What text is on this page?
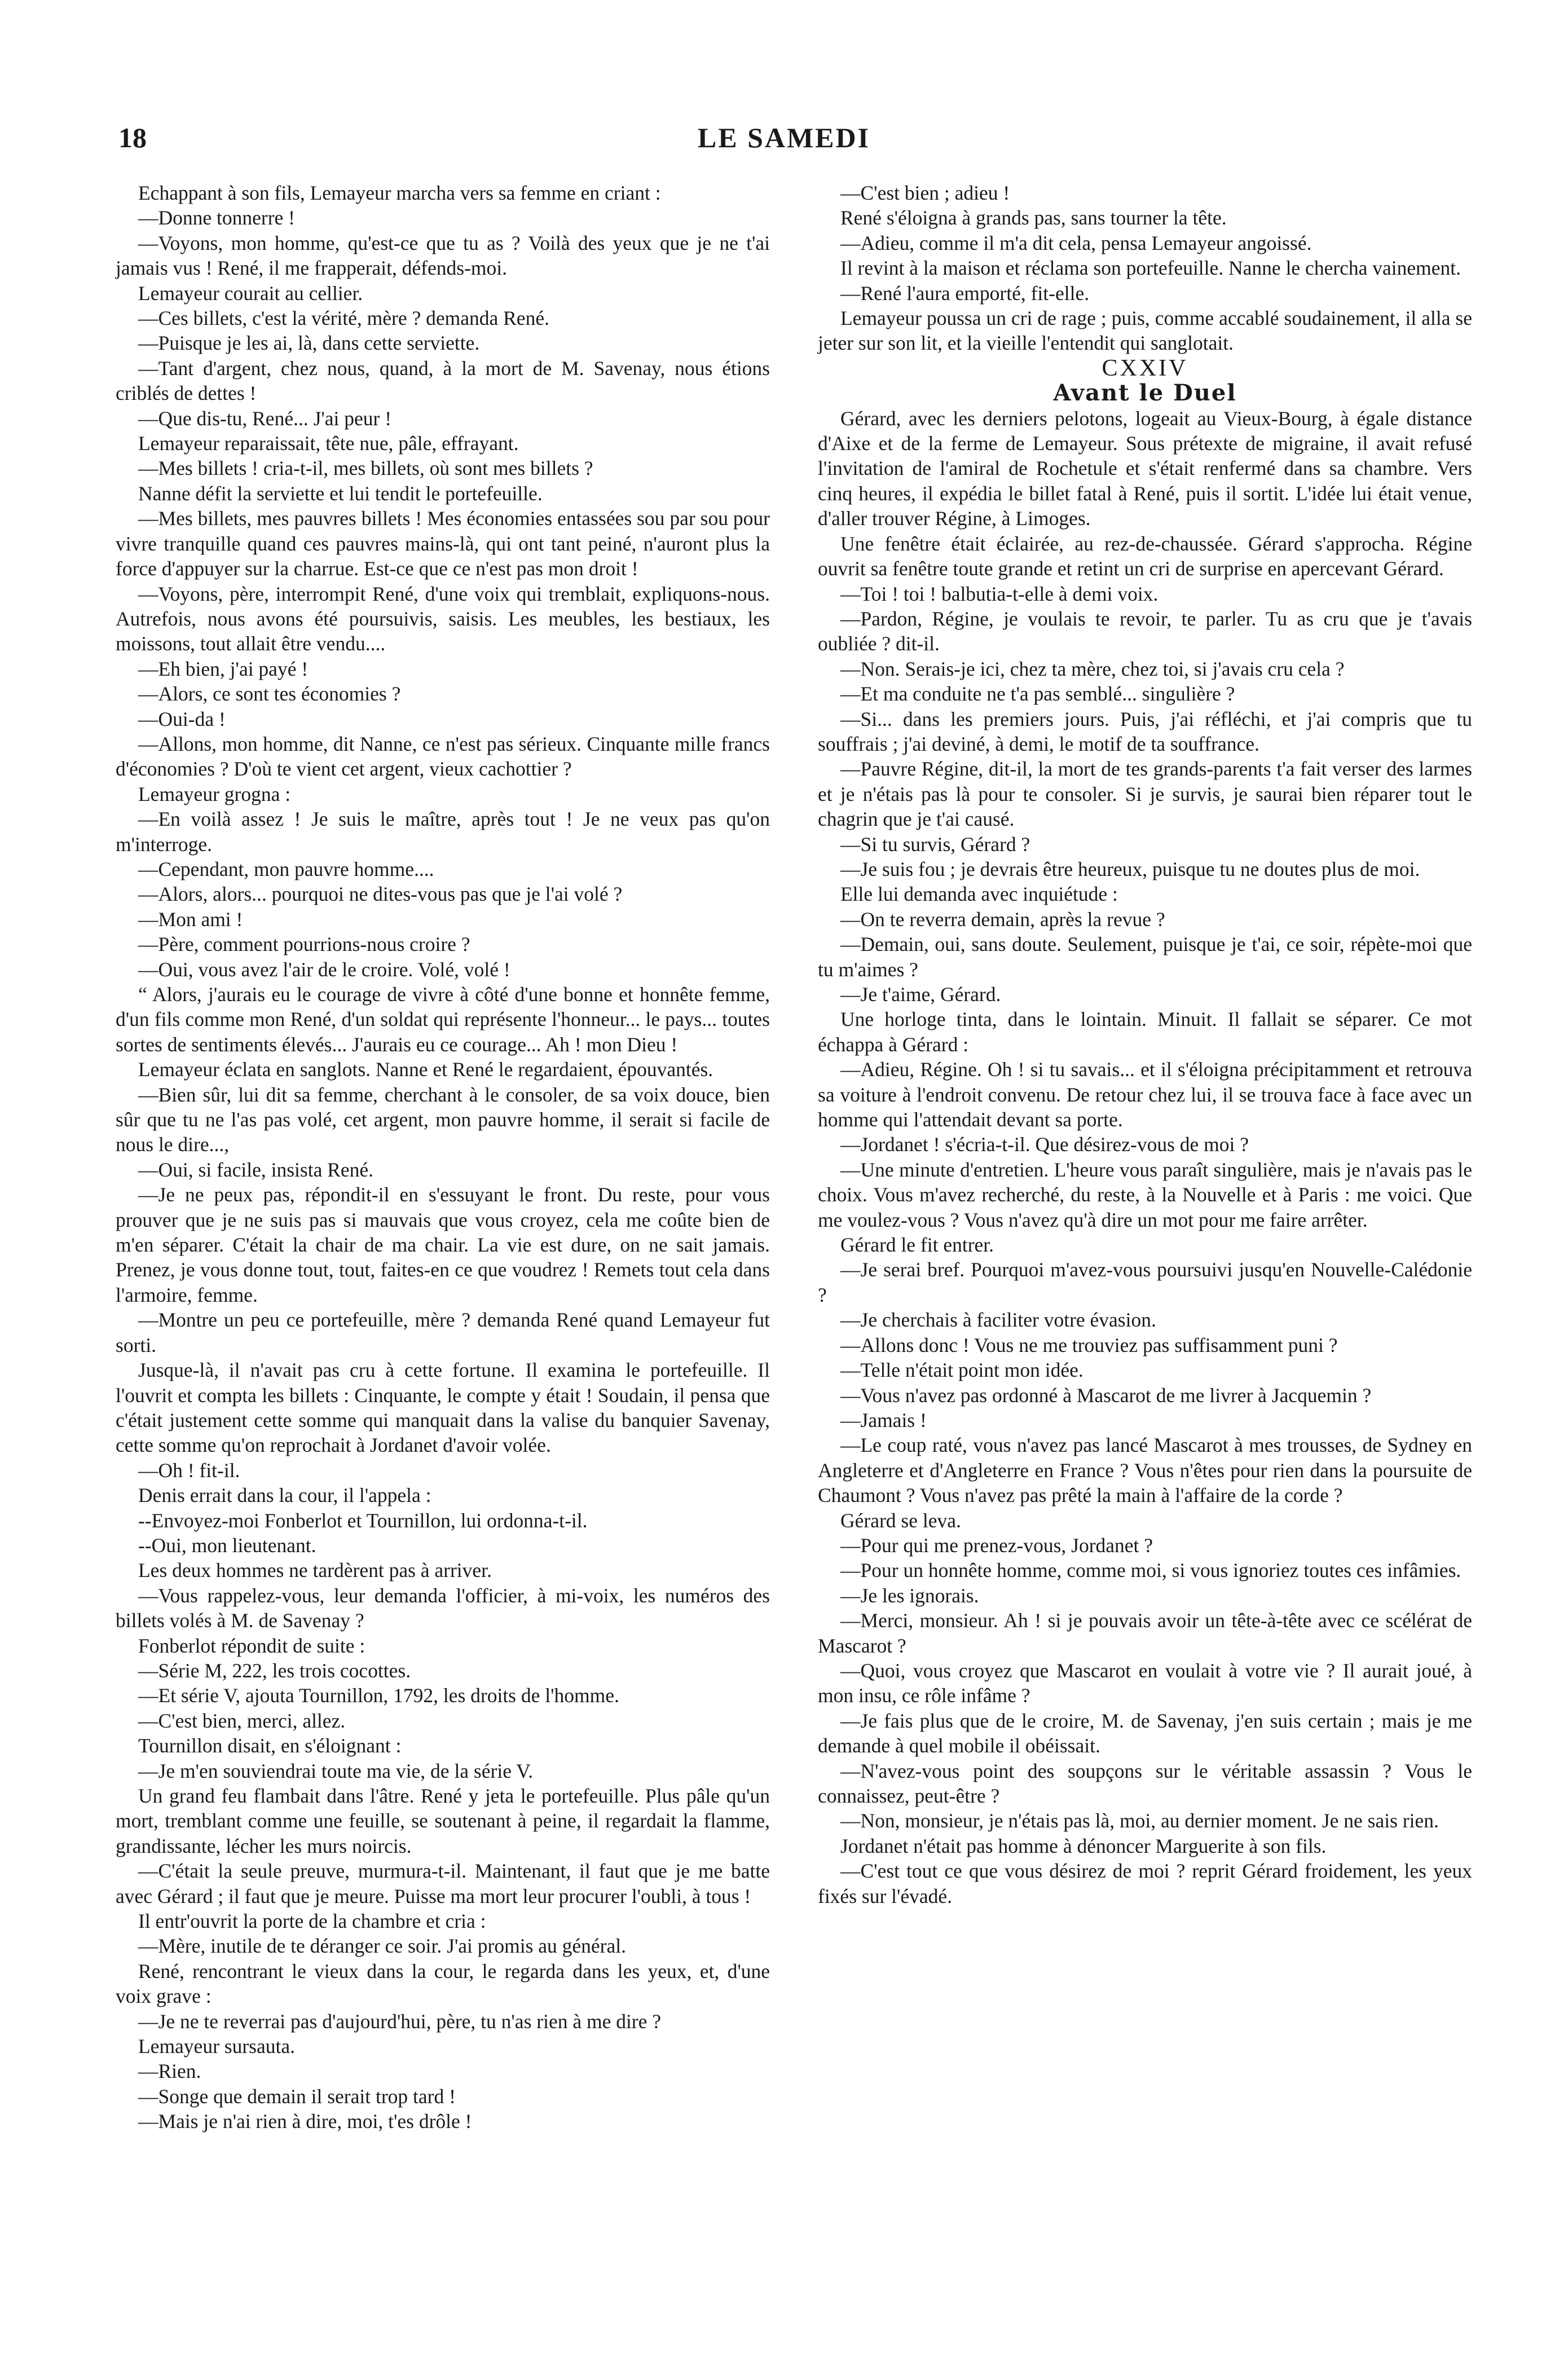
18	LE SAMEDI

Echappant à son fils, Lemayeur marcha vers sa femme en criant :

—Donne tonnerre !

—Voyons, mon homme, qu'est-ce que tu as ? Voilà des yeux que je ne t'ai jamais vus ! René, il me frapperait, défends-moi.

Lemayeur courait au cellier.

—Ces billets, c'est la vérité, mère ? demanda René.

—Puisque je les ai, là, dans cette serviette.

—Tant d'argent, chez nous, quand, à la mort de M. Savenay, nous étions criblés de dettes !

—Que dis-tu, René... J'ai peur !

Lemayeur reparaissait, tête nue, pâle, effrayant.

—Mes billets ! cria-t-il, mes billets, où sont mes billets ?

Nanne défit la serviette et lui tendit le portefeuille.

—Mes billets, mes pauvres billets ! Mes économies entassées sou par sou pour vivre tranquille quand ces pauvres mains-là, qui ont tant peiné, n'auront plus la force d'appuyer sur la charrue. Est-ce que ce n'est pas mon droit !

—Voyons, père, interrompit René, d'une voix qui tremblait, expliquons-nous. Autrefois, nous avons été poursuivis, saisis. Les meubles, les bestiaux, les moissons, tout allait être vendu....

—Eh bien, j'ai payé !

—Alors, ce sont tes économies ?

—Oui-da !

—Allons, mon homme, dit Nanne, ce n'est pas sérieux. Cinquante mille francs d'économies ? D'où te vient cet argent, vieux cachottier ?

Lemayeur grogna :

—En voilà assez ! Je suis le maître, après tout ! Je ne veux pas qu'on m'interroge.

—Cependant, mon pauvre homme....

—Alors, alors... pourquoi ne dites-vous pas que je l'ai volé ?

—Mon ami !

—Père, comment pourrions-nous croire ?

—Oui, vous avez l'air de le croire. Volé, volé !

“ Alors, j'aurais eu le courage de vivre à côté d'une bonne et honnête femme, d'un fils comme mon René, d'un soldat qui représente l'honneur... le pays... toutes sortes de sentiments élevés... J'aurais eu ce courage... Ah ! mon Dieu !

Lemayeur éclata en sanglots. Nanne et René le regardaient, épouvantés.

—Bien sûr, lui dit sa femme, cherchant à le consoler, de sa voix douce, bien sûr que tu ne l'as pas volé, cet argent, mon pauvre homme, il serait si facile de nous le dire...,

—Oui, si facile, insista René.

—Je ne peux pas, répondit-il en s'essuyant le front. Du reste, pour vous prouver que je ne suis pas si mauvais que vous croyez, cela me coûte bien de m'en séparer. C'était la chair de ma chair. La vie est dure, on ne sait jamais. Prenez, je vous donne tout, tout, faites-en ce que voudrez ! Remets tout cela dans l'armoire, femme.

—Montre un peu ce portefeuille, mère ? demanda René quand Lemayeur fut sorti.

Jusque-là, il n'avait pas cru à cette fortune. Il examina le portefeuille. Il l'ouvrit et compta les billets : Cinquante, le compte y était ! Soudain, il pensa que c'était justement cette somme qui manquait dans la valise du banquier Savenay, cette somme qu'on reprochait à Jordanet d'avoir volée.

—Oh ! fit-il.

Denis errait dans la cour, il l'appela :

--Envoyez-moi Fonberlot et Tournillon, lui ordonna-t-il.

--Oui, mon lieutenant.

Les deux hommes ne tardèrent pas à arriver.

—Vous rappelez-vous, leur demanda l'officier, à mi-voix, les numéros des billets volés à M. de Savenay ?

Fonberlot répondit de suite :

—Série M, 222, les trois cocottes.

—Et série V, ajouta Tournillon, 1792, les droits de l'homme.

—C'est bien, merci, allez.

Tournillon disait, en s'éloignant :

—Je m'en souviendrai toute ma vie, de la série V.

Un grand feu flambait dans l'âtre. René y jeta le portefeuille. Plus pâle qu'un mort, tremblant comme une feuille, se soutenant à peine, il regardait la flamme, grandissante, lécher les murs noircis.

—C'était la seule preuve, murmura-t-il. Maintenant, il faut que je me batte avec Gérard ; il faut que je meure. Puisse ma mort leur procurer l'oubli, à tous !

Il entr'ouvrit la porte de la chambre et cria :

—Mère, inutile de te déranger ce soir. J'ai promis au général.

René, rencontrant le vieux dans la cour, le regarda dans les yeux, et, d'une voix grave :

—Je ne te reverrai pas d'aujourd'hui, père, tu n'as rien à me dire ?

Lemayeur sursauta.

—Rien.

—Songe que demain il serait trop tard !

—Mais je n'ai rien à dire, moi, t'es drôle !

—C'est bien ; adieu !

René s'éloigna à grands pas, sans tourner la tête.

—Adieu, comme il m'a dit cela, pensa Lemayeur angoissé.

Il revint à la maison et réclama son portefeuille. Nanne le chercha vainement.

—René l'aura emporté, fit-elle.

Lemayeur poussa un cri de rage ; puis, comme accablé soudainement, il alla se jeter sur son lit, et la vieille l'entendit qui sanglotait.

CXXIV

Avant le Duel

Gérard, avec les derniers pelotons, logeait au Vieux-Bourg, à égale distance d'Aixe et de la ferme de Lemayeur. Sous prétexte de migraine, il avait refusé l'invitation de l'amiral de Rochetule et s'était renfermé dans sa chambre. Vers cinq heures, il expédia le billet fatal à René, puis il sortit. L'idée lui était venue, d'aller trouver Régine, à Limoges.

Une fenêtre était éclairée, au rez-de-chaussée. Gérard s'approcha. Régine ouvrit sa fenêtre toute grande et retint un cri de surprise en apercevant Gérard.

—Toi ! toi ! balbutia-t-elle à demi voix.

—Pardon, Régine, je voulais te revoir, te parler. Tu as cru que je t'avais oubliée ? dit-il.

—Non. Serais-je ici, chez ta mère, chez toi, si j'avais cru cela ?

—Et ma conduite ne t'a pas semblé... singulière ?

—Si... dans les premiers jours. Puis, j'ai réfléchi, et j'ai compris que tu souffrais ; j'ai deviné, à demi, le motif de ta souffrance.

—Pauvre Régine, dit-il, la mort de tes grands-parents t'a fait verser des larmes et je n'étais pas là pour te consoler. Si je survis, je saurai bien réparer tout le chagrin que je t'ai causé.

—Si tu survis, Gérard ?

—Je suis fou ; je devrais être heureux, puisque tu ne doutes plus de moi.

Elle lui demanda avec inquiétude :

—On te reverra demain, après la revue ?

—Demain, oui, sans doute. Seulement, puisque je t'ai, ce soir, répète-moi que tu m'aimes ?

—Je t'aime, Gérard.

Une horloge tinta, dans le lointain. Minuit. Il fallait se séparer. Ce mot échappa à Gérard :

—Adieu, Régine. Oh ! si tu savais... et il s'éloigna précipitamment et retrouva sa voiture à l'endroit convenu. De retour chez lui, il se trouva face à face avec un homme qui l'attendait devant sa porte.

—Jordanet ! s'écria-t-il. Que désirez-vous de moi ?

—Une minute d'entretien. L'heure vous paraît singulière, mais je n'avais pas le choix. Vous m'avez recherché, du reste, à la Nouvelle et à Paris : me voici. Que me voulez-vous ? Vous n'avez qu'à dire un mot pour me faire arrêter.

Gérard le fit entrer.

—Je serai bref. Pourquoi m'avez-vous poursuivi jusqu'en Nouvelle-Calédonie ?

—Je cherchais à faciliter votre évasion.

—Allons donc ! Vous ne me trouviez pas suffisamment puni ?

—Telle n'était point mon idée.

—Vous n'avez pas ordonné à Mascarot de me livrer à Jacquemin ?

—Jamais !

—Le coup raté, vous n'avez pas lancé Mascarot à mes trousses, de Sydney en Angleterre et d'Angleterre en France ? Vous n'êtes pour rien dans la poursuite de Chaumont ? Vous n'avez pas prêté la main à l'affaire de la corde ?

Gérard se leva.

—Pour qui me prenez-vous, Jordanet ?

—Pour un honnête homme, comme moi, si vous ignoriez toutes ces infâmies.

—Je les ignorais.

—Merci, monsieur. Ah ! si je pouvais avoir un tête-à-tête avec ce scélérat de Mascarot ?

—Quoi, vous croyez que Mascarot en voulait à votre vie ? Il aurait joué, à mon insu, ce rôle infâme ?

—Je fais plus que de le croire, M. de Savenay, j'en suis certain ; mais je me demande à quel mobile il obéissait.

—N'avez-vous point des soupçons sur le véritable assassin ? Vous le connaissez, peut-être ?

—Non, monsieur, je n'étais pas là, moi, au dernier moment. Je ne sais rien.

Jordanet n'était pas homme à dénoncer Marguerite à son fils.

—C'est tout ce que vous désirez de moi ? reprit Gérard froidement, les yeux fixés sur l'évadé.
